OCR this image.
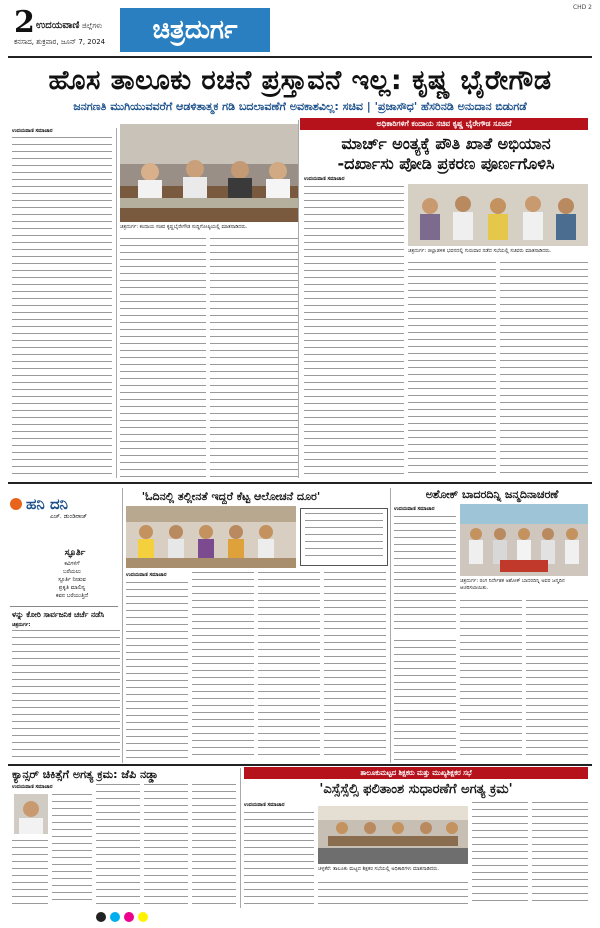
2 ಉದಯವಾಣಿ ಜಿಲ್ಲೆಗಳು
ಕನಸಾದ, ಶುಕ್ರವಾರ, ಜೂನ್ 7, 2024	ಚಿತ್ರದುರ್ಗ
CHD 2
ಹೊಸ ತಾಲೂಕು ರಚನೆ ಪ್ರಸ್ತಾವನೆ ಇಲ್ಲ: ಕೃಷ್ಣ ಭೈರೇಗೌಡ
ಜನಗಣತಿ ಮುಗಿಯುವವರೆಗೆ ಆಡಳಿತಾತ್ಮಕ ಗಡಿ ಬದಲಾವಣೆಗೆ ಅವಕಾಶವಿಲ್ಲ: ಸಚಿವ | 'ಪ್ರಜಾಸೌಧ' ಹೆಸರಿನಡಿ ಅನುದಾನ ಬಿಡುಗಡೆ
ಅಧಿಕಾರಿಗಳಿಗೆ ಕಂದಾಯ ಸಚಿವ ಕೃಷ್ಣ ಭೈರೇಗೌಡ ಸೂಚನೆ
ಉದಯವಾಣಿ ಸಮಾಚಾರ
ಚಿತ್ರದುರ್ಗ: ಕಂದಾಯ ಸಚಿವ ಕೃಷ್ಣಬೈರೇಗೌಡ ಸುದ್ದಿಗೋಷ್ಠಿಯಲ್ಲಿ ಮಾತನಾಡಿದರು.
ಮಾರ್ಚ್ ಅಂತ್ಯಕ್ಕೆ ಪೌತಿ ಖಾತೆ ಅಭಿಯಾನ
-ದರ್ಖಾಸು ಪೋಡಿ ಪ್ರಕರಣ ಪೂರ್ಣಗೊಳಿಸಿ
ಉದಯವಾಣಿ ಸಮಾಚಾರ
ಚಿತ್ರದುರ್ಗ: ಜಿಲ್ಲಾಡಳಿತ ಭವನದಲ್ಲಿ ಗುರುವಾರ ನಡೆದ ಸಭೆಯಲ್ಲಿ ಸಚಿವರು ಮಾತನಾಡಿದರು.
ಹನಿ ದನಿ
ಎಚ್. ಡುಂಡಿರಾಜ್
ಸ್ಫೂರ್ತಿ
ಕವಿಗಳಿಗೆ
ಬರೆಯಲು
ಸ್ಫೂರ್ತಿ ನೀಡುವ
ಪ್ರಕೃತಿ ಮಾಲಿನ್ಯ
ಕವನ ಬರೆಯುತ್ತಿದೆ
ಳನ್ನು ಕೋರಿ ಸಾರ್ವಜನಿಕ ಚರ್ಚೆ ನಡೆಸಿ
ಚಿತ್ರದುರ್ಗ:
'ಓದಿನಲ್ಲಿ ತಲ್ಲೀನತೆ ಇದ್ದರೆ ಕೆಟ್ಟ ಆಲೋಚನೆ ದೂರ'
ಉದಯವಾಣಿ ಸಮಾಚಾರ
ಅಶೋಕ್ ಬಾದರದಿನ್ನಿ ಜನ್ಮದಿನಾಚರಣೆ
ಉದಯವಾಣಿ ಸಮಾಚಾರ
ಚಿತ್ರದುರ್ಗ: ರಂಗ ನಿರ್ದೇಶಕ ಅಶೋಕ್ ಬಾದರದಿನ್ನಿ ಅವರ ಜನ್ಮದಿನ ಆಚರಿಸಲಾಯಿತು.
ಕ್ಯಾನ್ಸರ್ ಚಿಕಿತ್ಸೆಗೆ ಅಗತ್ಯ ಕ್ರಮ: ಜೆಪಿ ನಡ್ಡಾ
ಉದಯವಾಣಿ ಸಮಾಚಾರ
ತಾಲೂಕುಮಟ್ಟದ ಶಿಕ್ಷಕರು ಮತ್ತು ಮುಖ್ಯಶಿಕ್ಷಕರ ಸಭೆ
'ಎಸ್ಸೆಸ್ಸೆಲ್ಸಿ ಫಲಿತಾಂಶ ಸುಧಾರಣೆಗೆ ಅಗತ್ಯ ಕ್ರಮ'
ಉದಯವಾಣಿ ಸಮಾಚಾರ
ಚಳ್ಳಕೆರೆ: ತಾಲೂಕು ಮಟ್ಟದ ಶಿಕ್ಷಕರ ಸಭೆಯಲ್ಲಿ ಅಧಿಕಾರಿಗಳು ಮಾತನಾಡಿದರು.
